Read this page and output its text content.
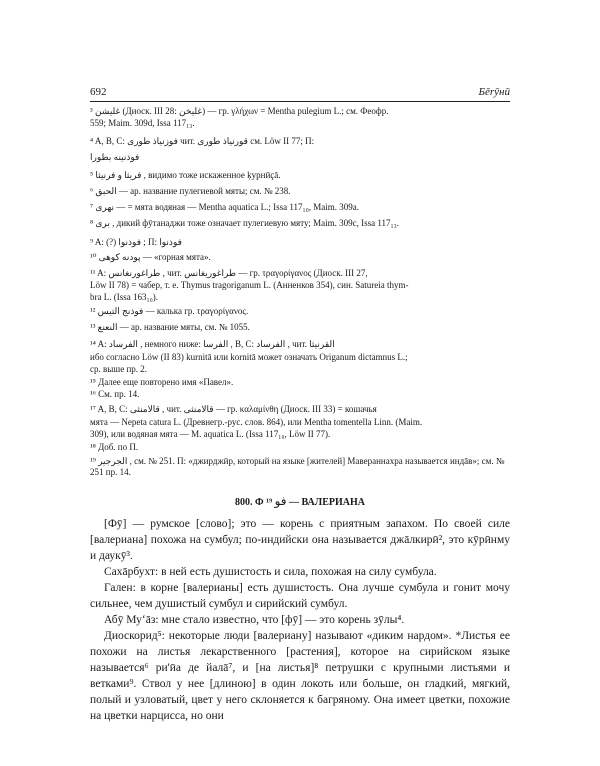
692	Бērӯнӣ
³ غليشن (Диоск. III 28: غليخن) — гр. γλήχων = Mentha pulegium L.; см. Феофр.
559; Maim. 309d, Issa 117₁₃.
⁴ A, B, C: فوزنياذ طورى чит. قورنياذ طورى см. Löw II 77; П:
فوذنينه بطورا
⁵ فريثا و فرنيثا , видимо тоже искаженное ḳурнӣҫā.
⁶ الحبق — ар. название пулегиевой мяты; см. № 238.
⁷ نهرى — = мята водяная — Mentha aquatica L.; Issa 117₁₀, Maim. 309a.
⁸ برى , дикий фӯтанаджи тоже означает пулегиевую мяту; Maim. 309c, Issa 117₁₃.
⁹ A: (?) فوذنوا ; П: فوذنوا
¹⁰ پودنه كوهى — «горная мята».
¹¹ A: طراغورنغانس , чит. طراغوريغانس — гр. τραγορίγανος (Диоск. III 27,
Löw II 78) = чабер, т. е. Thymus tragoriganum L. (Анненков 354), син. Satureia thym-
bra L. (Issa 163₁₀).
¹² فوذنج التيس — калька гр. τραγορίγανος.
¹³ النعنع — ар. название мяты, см. № 1055.
¹⁴ A: الفرساد , немного ниже: الفرسا , B, C: الفرساد , чит. القرنيثا
ибо согласно Löw (II 83) kurnitā или kornitā может означать Origanum dictamnus L.;
ср. выше пр. 2.
¹⁵ Далее еще повторено имя «Павел».
¹⁶ См. пр. 14.
¹⁷ A, B, C: قالامنثى , чит. قالامنثى — гр. καλαμίνθη (Диоск. III 33) = кошачья
мята — Nepeta catura L. (Древнегр.-рус. слов. 864), или Mentha tomentella Linn. (Maim.
309), или водяная мята — M. aquatica L. (Issa 117₁₀, Löw II 77).
¹⁸ Доб. по П.
¹⁹ الجرجير , см. № 251. П: «джирджӣр, который на языке [жителей] Мавераннахра называется индāв»; см. № 251 пр. 14.
800. Ф ¹⁹ فو — ВАЛЕРИАНА

[Фӯ] — румское [слово]; это — корень с приятным запахом. По своей силе [валериана] похожа на сумбул; по-индийски она называется джāлкирӣ², это кӯрӣнму и даукӯ³.

Сахāрбухт: в ней есть душистость и сила, похожая на силу сумбула.

Гален: в корне [валерианы] есть душистость. Она лучше сумбула и гонит мочу сильнее, чем душистый сумбул и сирийский сумбул.

Абӯ Муʻāз: мне стало известно, что [фӯ] — это корень зӯлы⁴.

Диоскорид⁵: некоторые люди [валериану] называют «диким нардом». *Листья ее похожи на листья лекарственного [растения], которое на сирийском языке называется⁶ ри'ӣа де йалā⁷, и [на листья]⁸ петрушки с крупными листьями и ветками⁹. Ствол у нее [длиною] в один локоть или больше, он гладкий, мягкий, полый и узловатый, цвет у него склоняется к багряному. Она имеет цветки, похожие на цветки нарцисса, но они
